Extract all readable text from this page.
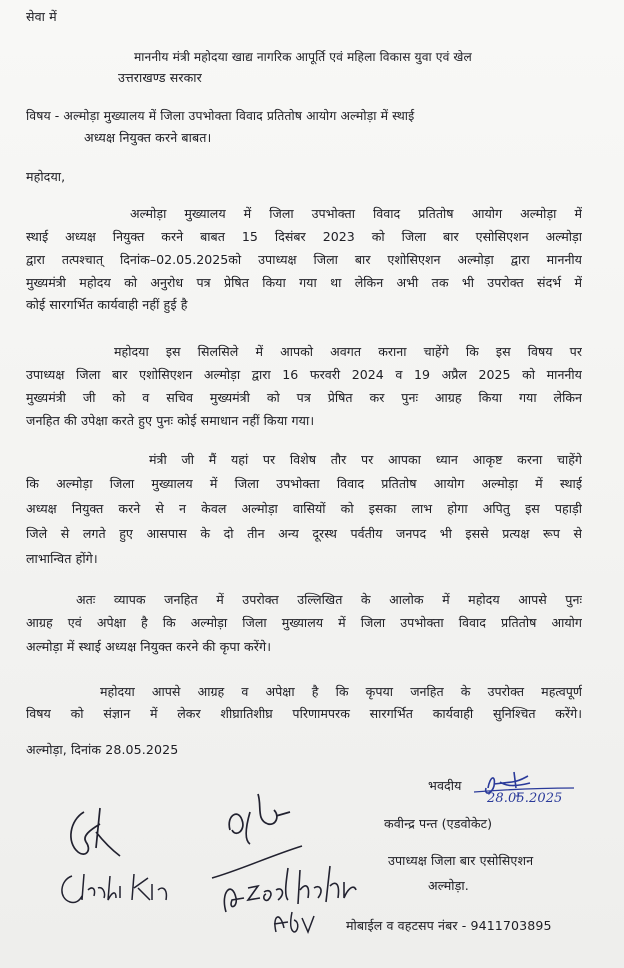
सेवा में
माननीय मंत्री महोदया खाद्य नागरिक आपूर्ति एवं महिला विकास युवा एवं खेल
उत्तराखण्ड सरकार
विषय - अल्मोड़ा मुख्यालय में जिला उपभोक्ता विवाद प्रतितोष आयोग अल्मोड़ा में स्थाई
अध्यक्ष नियुक्त करने बाबत।
महोदया,
अल्मोड़ा मुख्यालय में जिला उपभोक्ता विवाद प्रतितोष आयोग अल्मोड़ा में
स्थाई अध्यक्ष नियुक्त करने बाबत 15 दिसंबर 2023 को जिला बार एसोसिएशन अल्मोड़ा
द्वारा तत्पश्चात् दिनांक–02.05.2025को उपाध्यक्ष जिला बार एशोसिएशन अल्मोड़ा द्वारा माननीय
मुख्यमंत्री महोदय को अनुरोध पत्र प्रेषित किया गया था लेकिन अभी तक भी उपरोक्त संदर्भ में
कोई सारगर्भित कार्यवाही नहीं हुई है
महोदया इस सिलसिले में आपको अवगत कराना चाहेंगे कि इस विषय पर
उपाध्यक्ष जिला बार एशोसिएशन अल्मोड़ा द्वारा 16 फरवरी 2024 व 19 अप्रैल 2025 को माननीय
मुख्यमंत्री जी को व सचिव मुख्यमंत्री को पत्र प्रेषित कर पुनः आग्रह किया गया लेकिन
जनहित की उपेक्षा करते हुए पुनः कोई समाधान नहीं किया गया।
मंत्री जी मैं यहां पर विशेष तौर पर आपका ध्यान आकृष्ट करना चाहेंगे
कि अल्मोड़ा जिला मुख्यालय में जिला उपभोक्ता विवाद प्रतितोष आयोग अल्मोड़ा में स्थाई
अध्यक्ष नियुक्त करने से न केवल अल्मोड़ा वासियों को इसका लाभ होगा अपितु इस पहाड़ी
जिले से लगते हुए आसपास के दो तीन अन्य दूरस्थ पर्वतीय जनपद भी इससे प्रत्यक्ष रूप से
लाभान्वित होंगे।
अतः व्यापक जनहित में उपरोक्त उल्लिखित के आलोक में महोदय आपसे पुनः
आग्रह एवं अपेक्षा है कि अल्मोड़ा जिला मुख्यालय में जिला उपभोक्ता विवाद प्रतितोष आयोग
अल्मोड़ा में स्थाई अध्यक्ष नियुक्त करने की कृपा करेंगे।
महोदया आपसे आग्रह व अपेक्षा है कि कृपया जनहित के उपरोक्त महत्वपूर्ण
विषय को संज्ञान में लेकर शीघ्रातिशीघ्र परिणामपरक सारगर्भित कार्यवाही सुनिश्चित करेंगे।
अल्मोड़ा, दिनांक 28.05.2025
भवदीय
28.05.2025
कवीन्द्र पन्त (एडवोकेट)
उपाध्यक्ष जिला बार एसोसिएशन
अल्मोड़ा.
मोबाईल व वहटसप नंबर - 9411703895
